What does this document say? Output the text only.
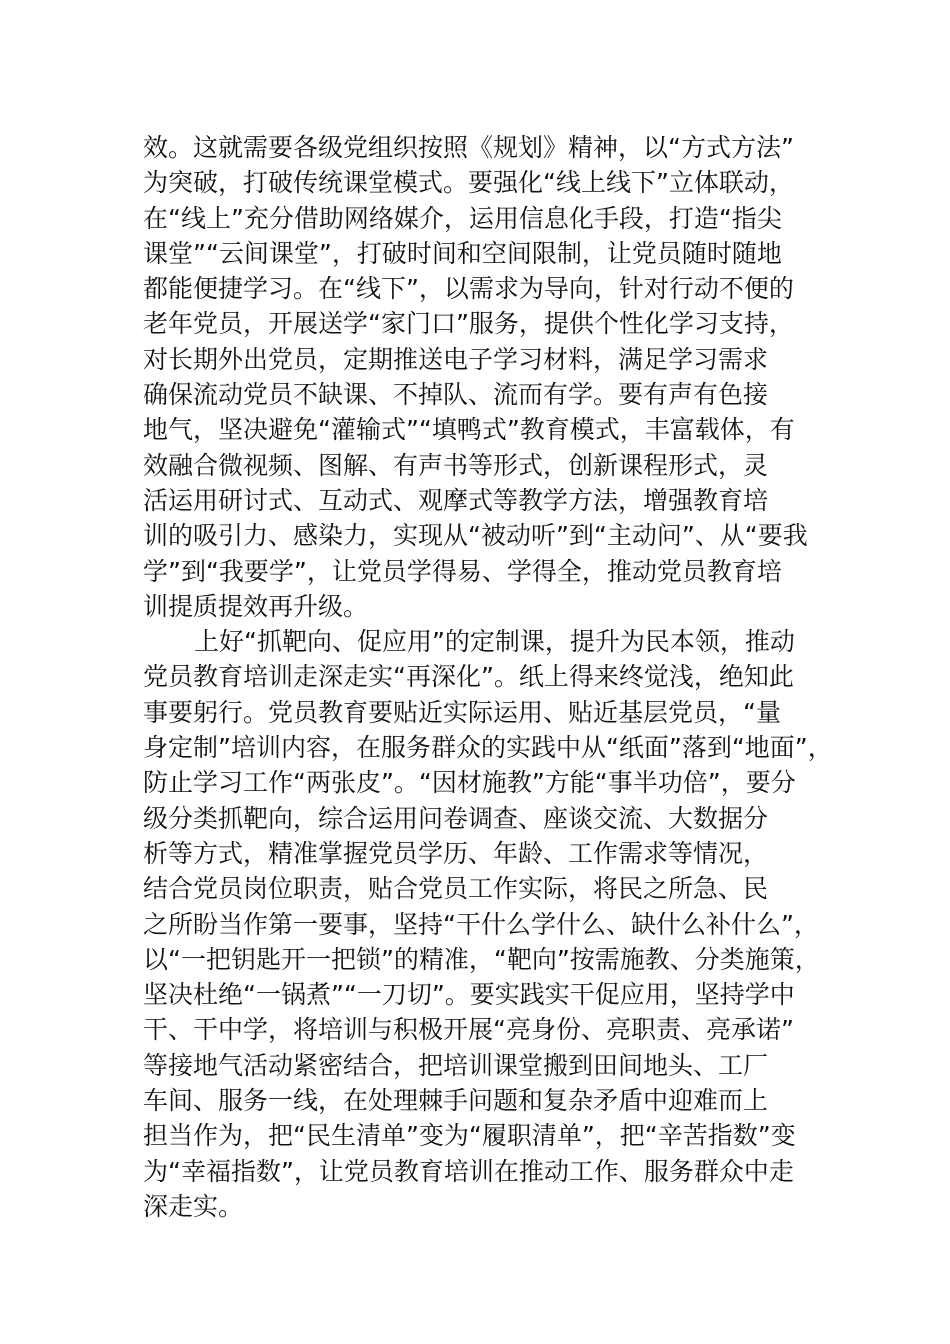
效。这就需要各级党组织按照《规划》精神，以“方式方法”
为突破，打破传统课堂模式。要强化“线上线下”立体联动，
在“线上”充分借助网络媒介，运用信息化手段，打造“指尖
课堂”“云间课堂”，打破时间和空间限制，让党员随时随地
都能便捷学习。在“线下”，以需求为导向，针对行动不便的
老年党员，开展送学“家门口”服务，提供个性化学习支持，
对长期外出党员，定期推送电子学习材料，满足学习需求
确保流动党员不缺课、不掉队、流而有学。要有声有色接
地气，坚决避免“灌输式”“填鸭式”教育模式，丰富载体，有
效融合微视频、图解、有声书等形式，创新课程形式，灵
活运用研讨式、互动式、观摩式等教学方法，增强教育培
训的吸引力、感染力，实现从“被动听”到“主动问”、从“要我
学”到“我要学”，让党员学得易、学得全，推动党员教育培
训提质提效再升级。
上好“抓靶向、促应用”的定制课，提升为民本领，推动
党员教育培训走深走实“再深化”。纸上得来终觉浅，绝知此
事要躬行。党员教育要贴近实际运用、贴近基层党员，“量
身定制”培训内容，在服务群众的实践中从“纸面”落到“地面”，
防止学习工作“两张皮”。“因材施教”方能“事半功倍”，要分
级分类抓靶向，综合运用问卷调查、座谈交流、大数据分
析等方式，精准掌握党员学历、年龄、工作需求等情况，
结合党员岗位职责，贴合党员工作实际，将民之所急、民
之所盼当作第一要事，坚持“干什么学什么、缺什么补什么”，
以“一把钥匙开一把锁”的精准，“靶向”按需施教、分类施策，
坚决杜绝“一锅煮”“一刀切”。要实践实干促应用，坚持学中
干、干中学，将培训与积极开展“亮身份、亮职责、亮承诺”
等接地气活动紧密结合，把培训课堂搬到田间地头、工厂
车间、服务一线，在处理棘手问题和复杂矛盾中迎难而上
担当作为，把“民生清单”变为“履职清单”，把“辛苦指数”变
为“幸福指数”，让党员教育培训在推动工作、服务群众中走
深走实。
